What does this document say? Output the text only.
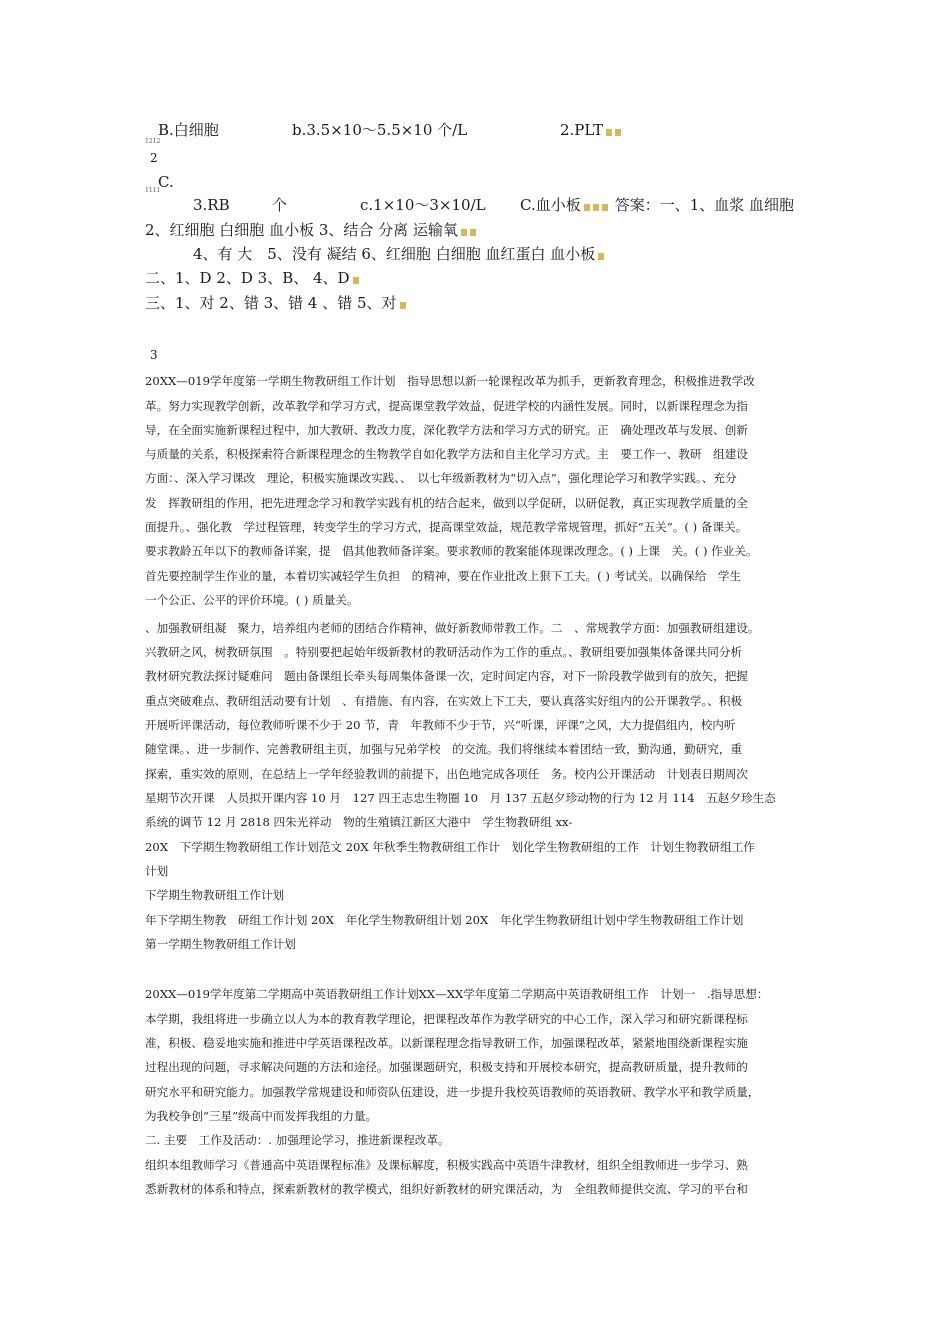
B.白细胞	b.3.5×10～5.5×10 个/L	2.PLT
1212
2
C.
1111
3.RB	个	c.1×10～3×10/L C.血小板 答案：一、1、血浆 血细胞
2、红细胞 白细胞 血小板 3、结合 分离 运输氧
4、有 大　5、没有 凝结 6、红细胞 白细胞 血红蛋白 血小板
二、1、D 2、D 3、B、 4、D
三、1、对 2、错 3、错 4 、错 5、对
3
20XX—019学年度第一学期生物教研组工作计划　指导思想以新一轮课程改革为抓手，更新教育理念，积极推进教学改
革。努力实现教学创新，改革教学和学习方式，提高课堂教学效益，促进学校的内涵性发展。同时，以新课程理念为指
导，在全面实施新课程过程中，加大教研、教改力度，深化教学方法和学习方式的研究。正　确处理改革与发展、创新
与质量的关系，积极探索符合新课程理念的生物教学自如化教学方法和自主化学习方式。主　要工作一、教研　组建设
方面：、深入学习课改　理论，积极实施课改实践、、　以七年级新教材为“切入点”，强化理论学习和教学实践。、充分
发　挥教研组的作用，把先进理念学习和教学实践有机的结合起来，做到以学促研，以研促教，真正实现教学质量的全
面提升。、强化教　学过程管理，转变学生的学习方式，提高课堂效益，规范教学常规管理，抓好“五关”。( ) 备课关。
要求教龄五年以下的教师备详案，提　倡其他教师备详案。要求教师的教案能体现课改理念。( ) 上课　关。( ) 作业关。
首先要控制学生作业的量，本着切实减轻学生负担　的精神，要在作业批改上狠下工夫。( ) 考试关。以确保给　学生
一个公正、公平的评价环境。( ) 质量关。
、加强教研组凝　聚力，培养组内老师的团结合作精神，做好新教师带教工作。二　、常规教学方面：加强教研组建设。
兴教研之风，树教研氛围　。特别要把起始年级新教材的教研活动作为工作的重点。、教研组要加强集体备课共同分析
教材研究教法探讨疑难问　题由备课组长牵头每周集体备课一次，定时间定内容，对下一阶段教学做到有的放矢，把握
重点突破难点、教研组活动要有计划　、有措施、有内容，在实效上下工夫，要认真落实好组内的公开课教学。、积极
开展听评课活动，每位教师听课不少于 20 节，青　年教师不少于节，兴“听课，评课”之风，大力提倡组内，校内听
随堂课。、进一步制作、完善教研组主页，加强与兄弟学校　的交流。我们将继续本着团结一致，勤沟通，勤研究，重
探索，重实效的原则，在总结上一学年经验教训的前提下，出色地完成各项任　务。校内公开课活动　计划表日期周次
星期节次开课　人员拟开课内容 10 月　127 四王志忠生物圈 10　月 137 五赵夕珍动物的行为 12 月 114　五赵夕珍生态
系统的调节 12 月 2818 四朱光祥动　物的生殖镇江新区大港中　学生物教研组 xx-
20X　下学期生物教研组工作计划范文 20X 年秋季生物教研组工作计　划化学生物教研组的工作　计划生物教研组工作
计划
下学期生物教研组工作计划
年下学期生物教　研组工作计划 20X　年化学生物教研组计划 20X　年化学生物教研组计划中学生物教研组工作计划
第一学期生物教研组工作计划
20XX—019学年度第二学期高中英语教研组工作计划XX—XX学年度第二学期高中英语教研组工作　计划一　.指导思想：
本学期，我组将进一步确立以人为本的教育教学理论，把课程改革作为教学研究的中心工作，深入学习和研究新课程标
准，积极、稳妥地实施和推进中学英语课程改革。以新课程理念指导教研工作，加强课程改革，紧紧地围绕新课程实施
过程出现的问题，寻求解决问题的方法和途径。加强课题研究，积极支持和开展校本研究，提高教研质量，提升教师的
研究水平和研究能力。加强教学常规建设和师资队伍建设，进一步提升我校英语教师的英语教研、教学水平和教学质量，
为我校争创“三星”级高中而发挥我组的力量。
二. 主要　工作及活动：. 加强理论学习，推进新课程改革。
组织本组教师学习《普通高中英语课程标准》及课标解度，积极实践高中英语牛津教材，组织全组教师进一步学习、熟
悉新教材的体系和特点，探索新教材的教学模式，组织好新教材的研究课活动，为　全组教师提供交流、学习的平台和
